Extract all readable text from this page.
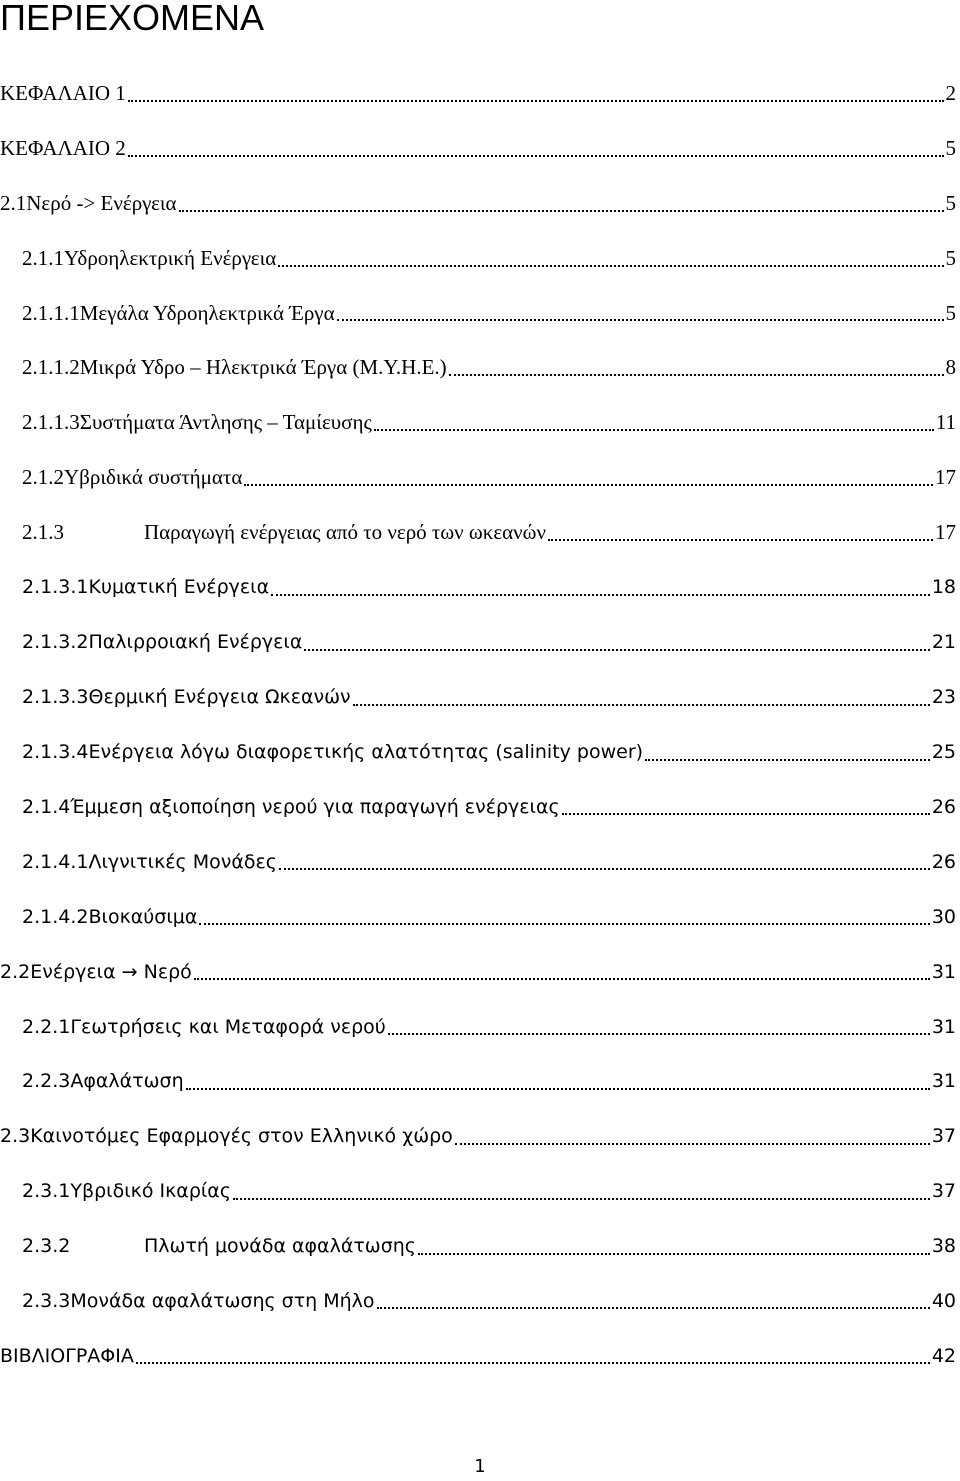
ΠΕΡΙΕΧΟΜΕΝΑ
ΚΕΦΑΛΑΙΟ 1	2
ΚΕΦΑΛΑΙΟ 2	5
2.1 Νερό -> Ενέργεια	5
2.1.1 Υδροηλεκτρική Ενέργεια	5
2.1.1.1 Μεγάλα Υδροηλεκτρικά Έργα	5
2.1.1.2 Μικρά Υδρο – Ηλεκτρικά Έργα (Μ.Υ.Η.Ε.)	8
2.1.1.3 Συστήματα Άντλησης – Ταμίευσης	11
2.1.2 Υβριδικά συστήματα	17
2.1.3	Παραγωγή ενέργειας από το νερό των ωκεανών	17
2.1.3.1 Κυματική Ενέργεια	18
2.1.3.2 Παλιρροιακή Ενέργεια	21
2.1.3.3 Θερμική Ενέργεια Ωκεανών	23
2.1.3.4 Ενέργεια λόγω διαφορετικής αλατότητας (salinity power)	25
2.1.4 Έμμεση αξιοποίηση νερού για παραγωγή ενέργειας	26
2.1.4.1 Λιγνιτικές Μονάδες	26
2.1.4.2 Βιοκαύσιμα	30
2.2 Ενέργεια → Νερό	31
2.2.1 Γεωτρήσεις και Μεταφορά νερού	31
2.2.3 Αφαλάτωση	31
2.3 Καινοτόμες Εφαρμογές στον Ελληνικό χώρο	37
2.3.1 Υβριδικό Ικαρίας	37
2.3.2	Πλωτή μονάδα αφαλάτωσης	38
2.3.3 Μονάδα αφαλάτωσης στη Μήλο	40
ΒΙΒΛΙΟΓΡΑΦΙΑ	42
1
